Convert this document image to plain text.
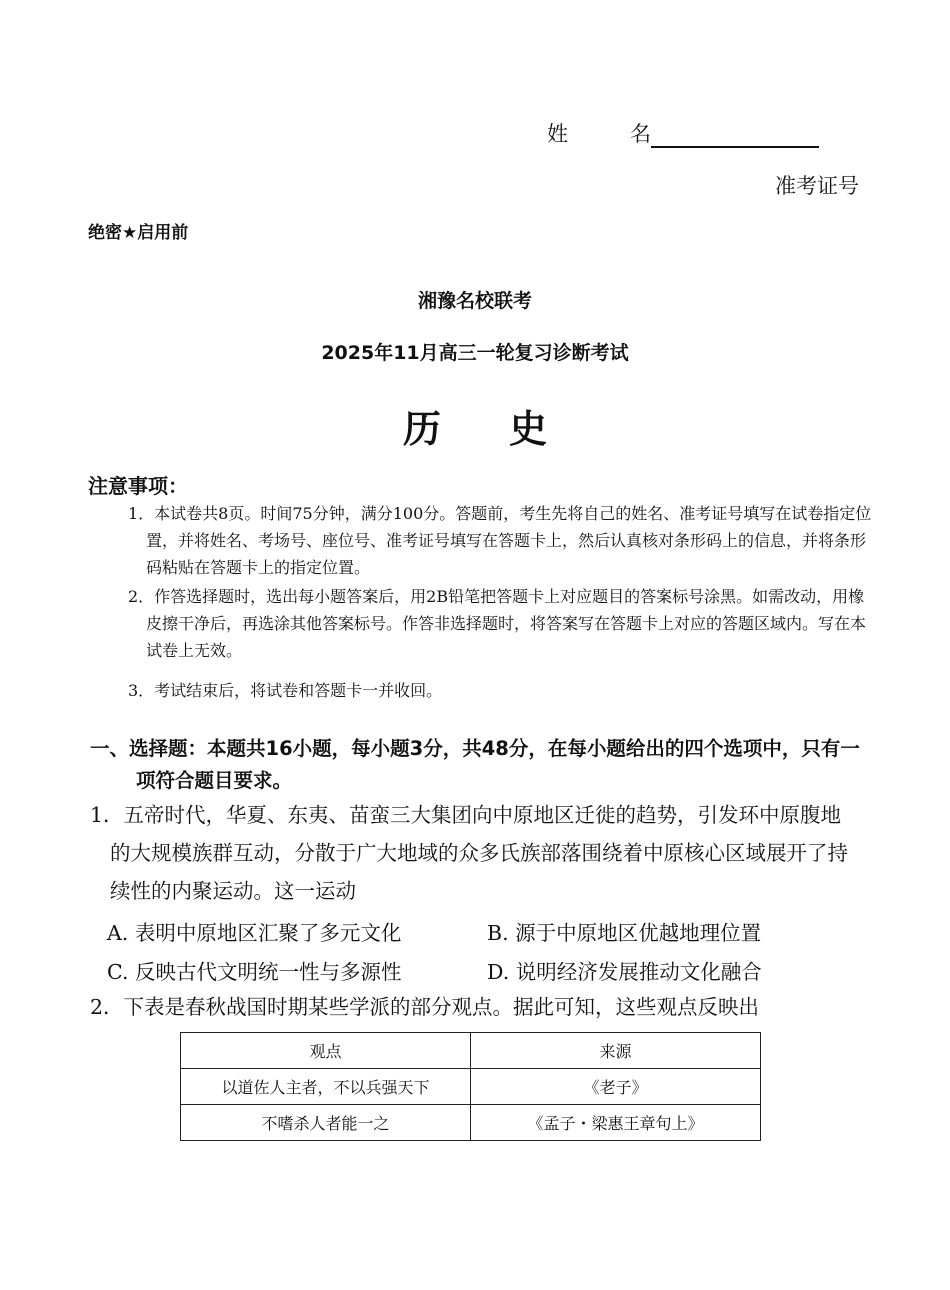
姓	名
准考证号
绝密★启用前
湘豫名校联考
2025年11月高三一轮复习诊断考试
历史
注意事项：
1．本试卷共8页。时间75分钟，满分100分。答题前，考生先将自己的姓名、准考证号填写在试卷指定位置，并将姓名、考场号、座位号、准考证号填写在答题卡上，然后认真核对条形码上的信息，并将条形码粘贴在答题卡上的指定位置。
2．作答选择题时，选出每小题答案后，用2B铅笔把答题卡上对应题目的答案标号涂黑。如需改动，用橡皮擦干净后，再选涂其他答案标号。作答非选择题时，将答案写在答题卡上对应的答题区域内。写在本试卷上无效。
3．考试结束后，将试卷和答题卡一并收回。
一、选择题：本题共16小题，每小题3分，共48分，在每小题给出的四个选项中，只有一项符合题目要求。
1．五帝时代，华夏、东夷、苗蛮三大集团向中原地区迁徙的趋势，引发环中原腹地的大规模族群互动，分散于广大地域的众多氏族部落围绕着中原核心区域展开了持续性的内聚运动。这一运动
A. 表明中原地区汇聚了多元文化	B. 源于中原地区优越地理位置
C. 反映古代文明统一性与多源性	D. 说明经济发展推动文化融合
2．下表是春秋战国时期某些学派的部分观点。据此可知，这些观点反映出
观点	来源
以道佐人主者，不以兵强天下	《老子》
不嗜杀人者能一之	《孟子・梁惠王章句上》
